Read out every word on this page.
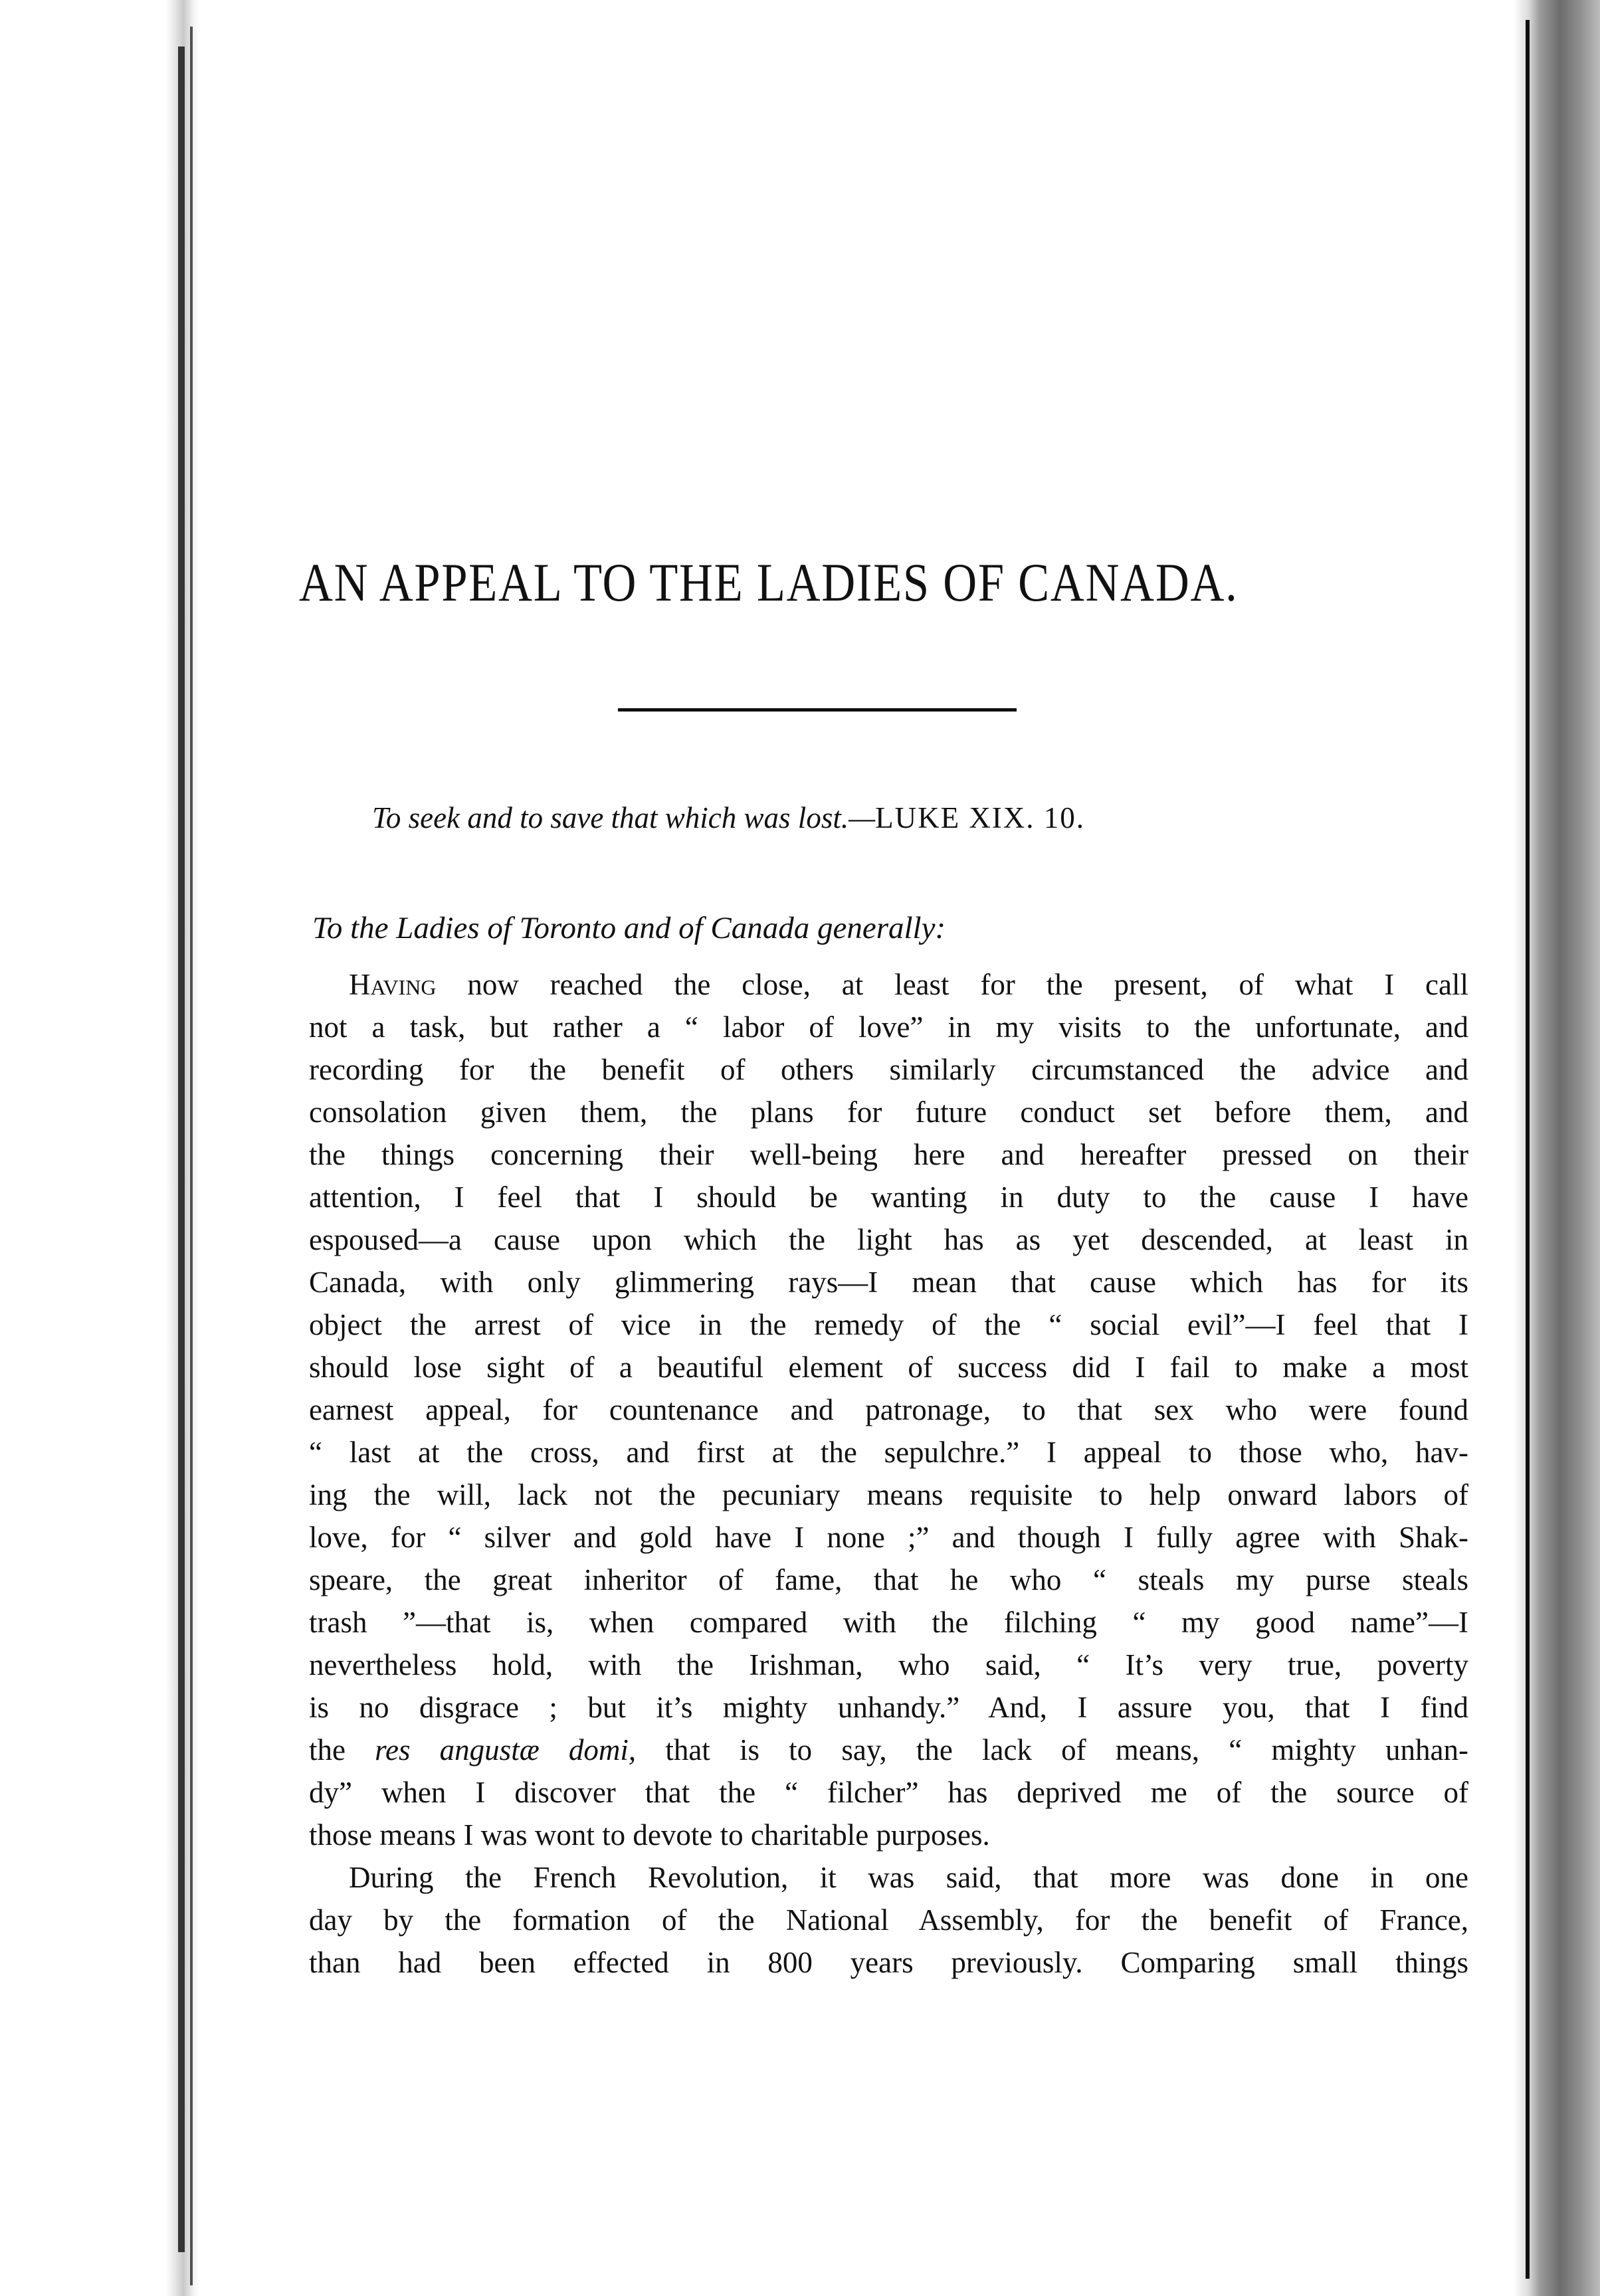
AN APPEAL TO THE LADIES OF CANADA.
To seek and to save that which was lost.—LUKE XIX. 10.
To the Ladies of Toronto and of Canada generally:
Having now reached the close, at least for the present, of what I call
not a task, but rather a “ labor of love” in my visits to the unfortunate, and
recording for the benefit of others similarly circumstanced the advice and
consolation given them, the plans for future conduct set before them, and
the things concerning their well-being here and hereafter pressed on their
attention, I feel that I should be wanting in duty to the cause I have
espoused—a cause upon which the light has as yet descended, at least in
Canada, with only glimmering rays—I mean that cause which has for its
object the arrest of vice in the remedy of the “ social evil”—I feel that I
should lose sight of a beautiful element of success did I fail to make a most
earnest appeal, for countenance and patronage, to that sex who were found
“ last at the cross, and first at the sepulchre.” I appeal to those who, hav-
ing the will, lack not the pecuniary means requisite to help onward labors of
love, for “ silver and gold have I none ;” and though I fully agree with Shak-
speare, the great inheritor of fame, that he who “ steals my purse steals
trash ”—that is, when compared with the filching “ my good name”—I
nevertheless hold, with the Irishman, who said, “ It’s very true, poverty
is no disgrace ; but it’s mighty unhandy.” And, I assure you, that I find
the res angustæ domi, that is to say, the lack of means, “ mighty unhan-
dy” when I discover that the “ filcher” has deprived me of the source of
those means I was wont to devote to charitable purposes.
During the French Revolution, it was said, that more was done in one
day by the formation of the National Assembly, for the benefit of France,
than had been effected in 800 years previously. Comparing small things
